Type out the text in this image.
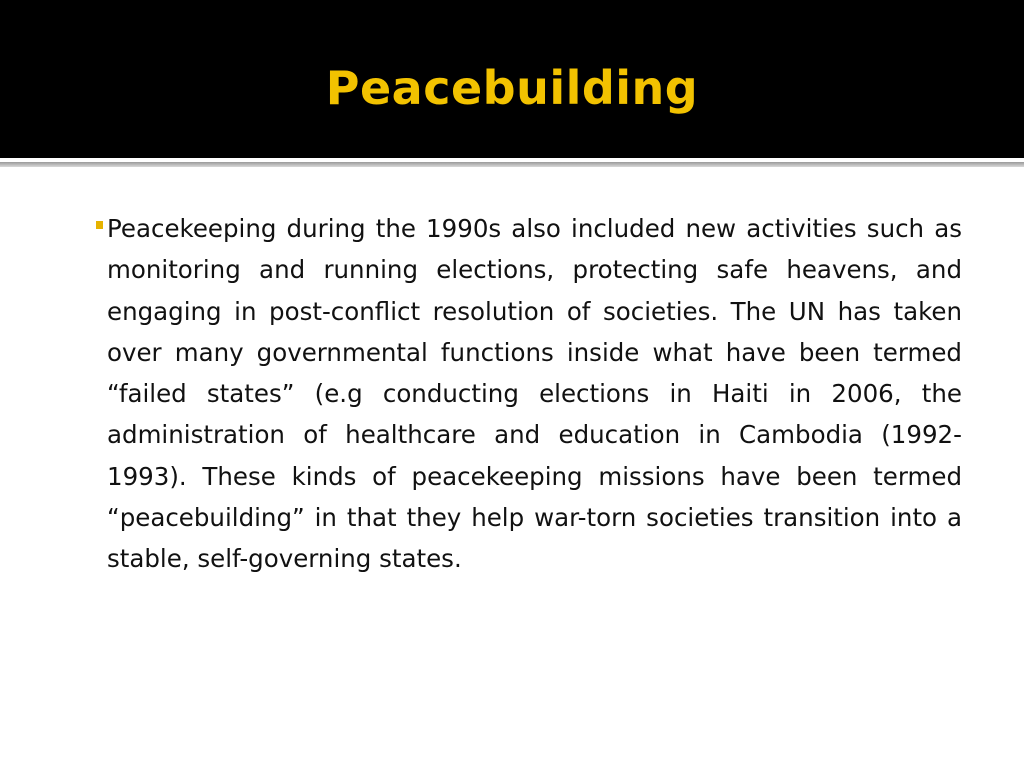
Peacebuilding

Peacekeeping during the 1990s also included new activities such as monitoring and running elections, protecting safe heavens, and engaging in post-conflict resolution of societies. The UN has taken over many governmental functions inside what have been termed “failed states” (e.g conducting elections in Haiti in 2006, the administration of healthcare and education in Cambodia (1992-1993). These kinds of peacekeeping missions have been termed “peacebuilding” in that they help war-torn societies transition into a stable, self-governing states.
